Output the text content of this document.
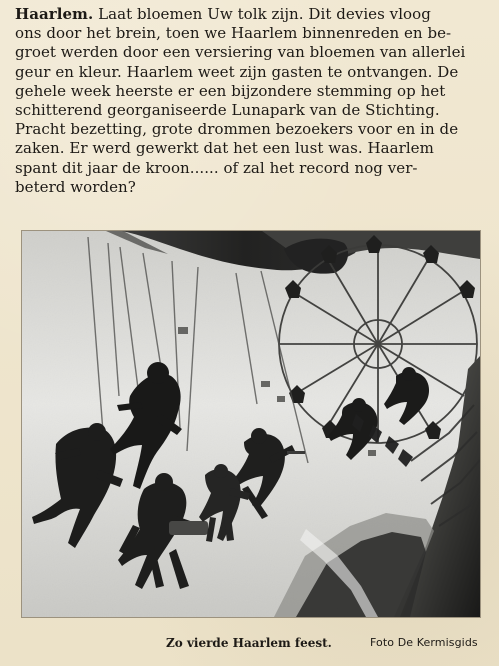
Haarlem. Laat bloemen Uw tolk zijn. Dit devies vloog
ons door het brein, toen we Haarlem binnenreden en be-
groet werden door een versiering van bloemen van allerlei
geur en kleur. Haarlem weet zijn gasten te ontvangen. De
gehele week heerste er een bijzondere stemming op het
schitterend georganiseerde Lunapark van de Stichting.
Pracht bezetting, grote drommen bezoekers voor en in de
zaken. Er werd gewerkt dat het een lust was. Haarlem
spant dit jaar de kroon...... of zal het record nog ver-
beterd worden?
Zo vierde Haarlem feest.	Foto De Kermisgids
